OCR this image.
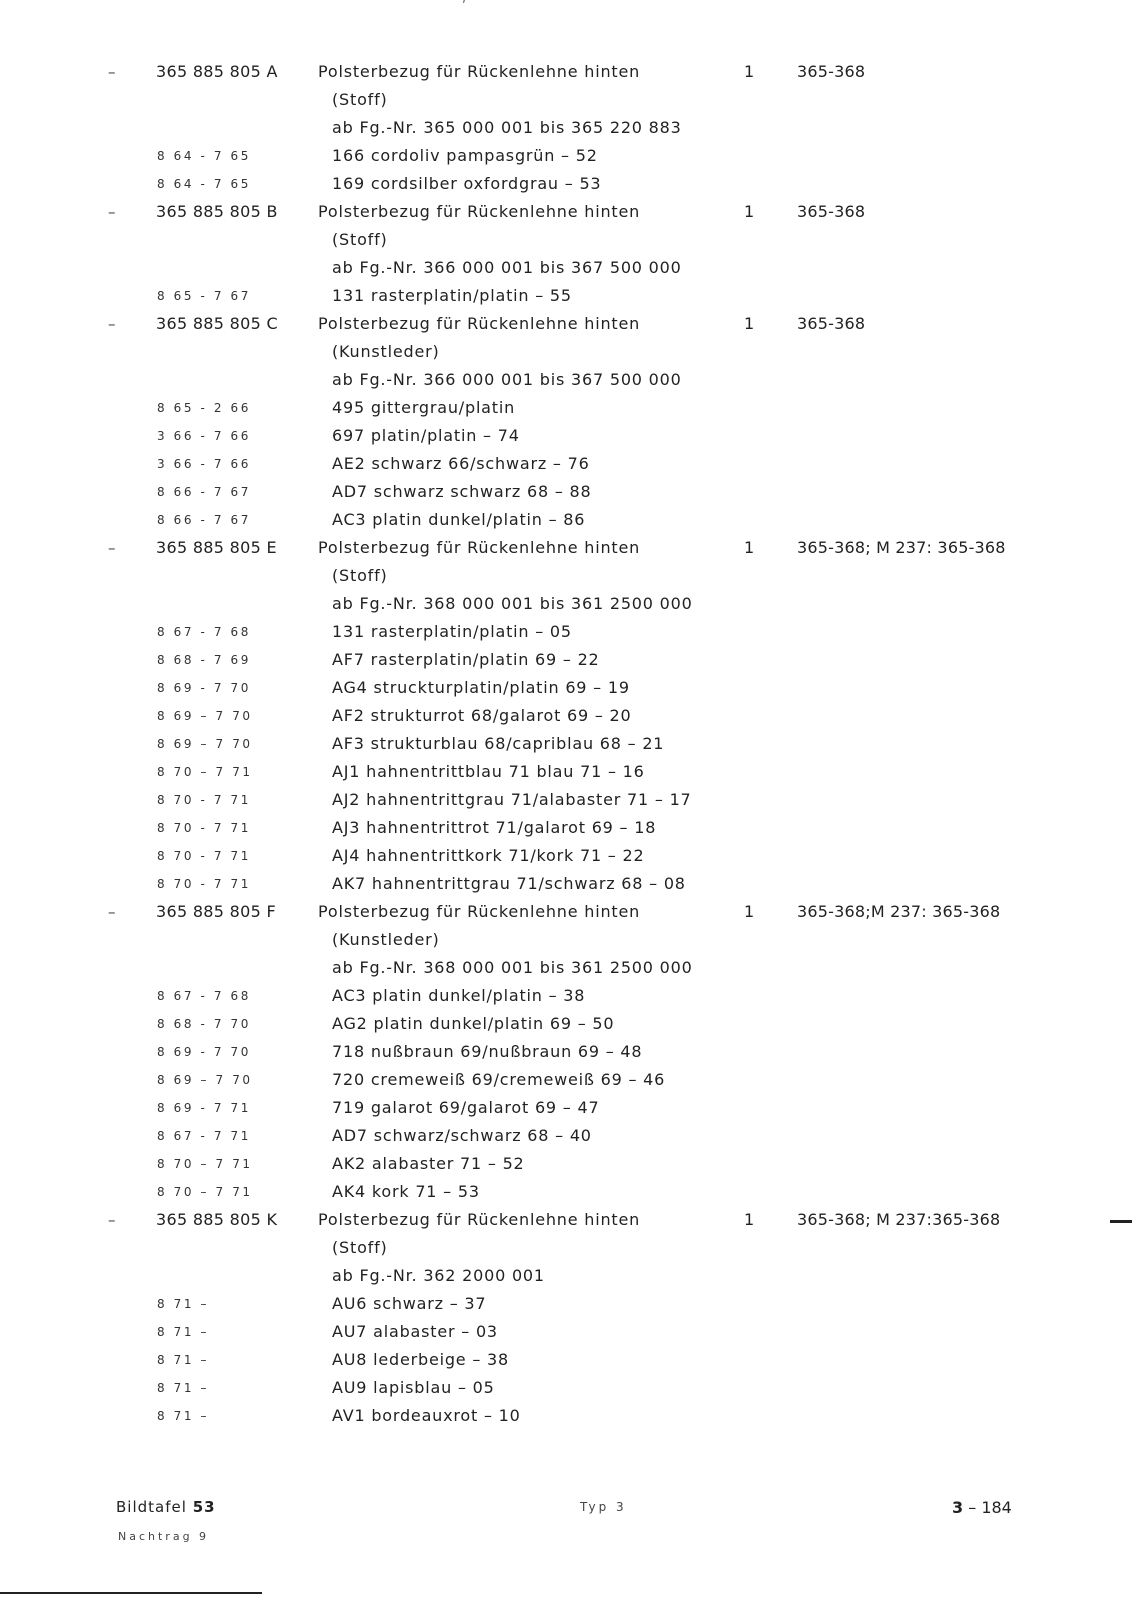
ʼ
–	365 885 805 A	Polsterbezug für Rückenlehne hinten	1	365-368
(Stoff)
ab Fg.-Nr. 365 000 001 bis 365 220 883
8 64 - 7 65	166 cordoliv pampasgrün – 52
8 64 - 7 65	169 cordsilber oxfordgrau – 53
–	365 885 805 B	Polsterbezug für Rückenlehne hinten	1	365-368
(Stoff)
ab Fg.-Nr. 366 000 001 bis 367 500 000
8 65 - 7 67	131 rasterplatin/platin – 55
–	365 885 805 C	Polsterbezug für Rückenlehne hinten	1	365-368
(Kunstleder)
ab Fg.-Nr. 366 000 001 bis 367 500 000
8 65 - 2 66	495 gittergrau/platin
3 66 - 7 66	697 platin/platin – 74
3 66 - 7 66	AE2 schwarz 66/schwarz – 76
8 66 - 7 67	AD7 schwarz schwarz 68 – 88
8 66 - 7 67	AC3 platin dunkel/platin – 86
–	365 885 805 E	Polsterbezug für Rückenlehne hinten	1	365-368; M 237: 365-368
(Stoff)
ab Fg.-Nr. 368 000 001 bis 361 2500 000
8 67 - 7 68	131 rasterplatin/platin – 05
8 68 - 7 69	AF7 rasterplatin/platin 69 – 22
8 69 - 7 70	AG4 struckturplatin/platin 69 – 19
8 69 – 7 70	AF2 strukturrot 68/galarot 69 – 20
8 69 – 7 70	AF3 strukturblau 68/capriblau 68 – 21
8 70 – 7 71	AJ1 hahnentrittblau 71 blau 71 – 16
8 70 - 7 71	AJ2 hahnentrittgrau 71/alabaster 71 – 17
8 70 - 7 71	AJ3 hahnentrittrot 71/galarot 69 – 18
8 70 - 7 71	AJ4 hahnentrittkork 71/kork 71 – 22
8 70 - 7 71	AK7 hahnentrittgrau 71/schwarz 68 – 08
–	365 885 805 F	Polsterbezug für Rückenlehne hinten	1	365-368;M 237: 365-368
(Kunstleder)
ab Fg.-Nr. 368 000 001 bis 361 2500 000
8 67 - 7 68	AC3 platin dunkel/platin – 38
8 68 - 7 70	AG2 platin dunkel/platin 69 – 50
8 69 - 7 70	718 nußbraun 69/nußbraun 69 – 48
8 69 – 7 70	720 cremeweiß 69/cremeweiß 69 – 46
8 69 - 7 71	719 galarot 69/galarot 69 – 47
8 67 - 7 71	AD7 schwarz/schwarz 68 – 40
8 70 – 7 71	AK2 alabaster 71 – 52
8 70 – 7 71	AK4 kork 71 – 53
–	365 885 805 K	Polsterbezug für Rückenlehne hinten	1	365-368; M 237:365-368
(Stoff)
ab Fg.-Nr. 362 2000 001
8 71 –	AU6 schwarz – 37
8 71 –	AU7 alabaster – 03
8 71 –	AU8 lederbeige – 38
8 71 –	AU9 lapisblau – 05
8 71 –	AV1 bordeauxrot – 10
Bildtafel 53
Nachtrag 9
Typ 3	3 – 184
